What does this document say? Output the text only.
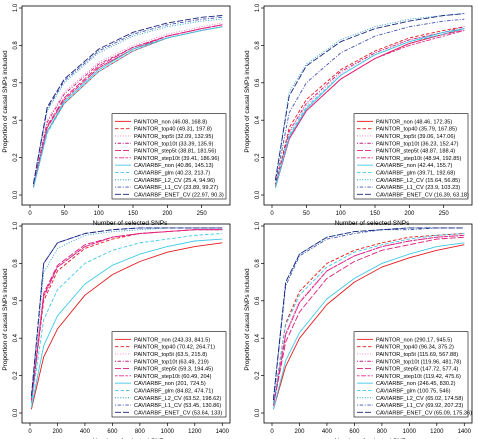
0	50	100	150	200	250
0.0
0.2
0.4
0.6
0.8
1.0
Number of selected SNPs
Proportion of causal SNPs included	PAINTOR_non (46.08, 168.8)
PAINTOR_top40 (49.31, 197.8)
PAINTOR_top5t (32.09, 132.95)
PAINTOR_top10t (33.39, 135.9)
PAINTOR_step5t (38.81, 181.56)
PAINTOR_step10t (39.41, 186.96)
CAVIARBF_non (40.86, 145.13)
CAVIARBF_glm (40.23, 213.7)
CAVIARBF_L2_CV (25.4, 94.96)
CAVIARBF_L1_CV (23.89, 99.27)
CAVIARBF_ENET_CV (22.97, 90.3)
0	50	100	150	200	250
0.0
0.2
0.4
0.6
0.8
1.0
Number of selected SNPs
Proportion of causal SNPs included	PAINTOR_non (48.46, 172.35)
PAINTOR_top40 (35.79, 167.85)
PAINTOR_top5t (39.06, 147.06)
PAINTOR_top10t (36.23, 152.47)
PAINTOR_step5t (48.87, 188.4)
PAINTOR_step10t (48.94, 192.85)
CAVIARBF_non (42.44, 155.7)
CAVIARBF_glm (39.71, 192.68)
CAVIARBF_L2_CV (15.64, 56.85)
CAVIARBF_L1_CV (23.9, 103.23)
CAVIARBF_ENET_CV (16.39, 63.18)
0	200	400	600	800	1000 1200 1400
0.0
0.2
0.4
0.6
0.8
1.0
Proportion of causal SNPs included	PAINTOR_non (243.33, 841.5)
PAINTOR_top40 (70.42, 264.71)
PAINTOR_top5t (63.5, 215.8)
PAINTOR_top10t (63.49, 219)
PAINTOR_step5t (59.3, 194.45)
PAINTOR_step10t (60.49, 204)
CAVIARBF_non (201, 724.5)
CAVIARBF_glm (84.82, 474.71)
CAVIARBF_L2_CV (63.52, 198.62)
CAVIARBF_L1_CV (53.45, 130.86)
CAVIARBF_ENET_CV (53.64, 133)
0	200	400	600	800	1000 1200 1400
0.0
0.2
0.4
0.6
0.8
1.0
Proportion of causal SNPs included	PAINTOR_non (290.17, 945.5)
PAINTOR_top40 (96.34, 375.2)
PAINTOR_top5t (115.69, 567.88)
PAINTOR_top10t (119.96, 481.78)
PAINTOR_step5t (147.72, 577.4)
PAINTOR_step10t (119.42, 475.6)
CAVIARBF_non (246.45, 830.2)
CAVIARBF_glm (100.75, 546)
CAVIARBF_L2_CV (65.02, 174.58)
CAVIARBF_L1_CV (69.92, 207.23)
CAVIARBF_ENET_CV (65.09, 175.36)
